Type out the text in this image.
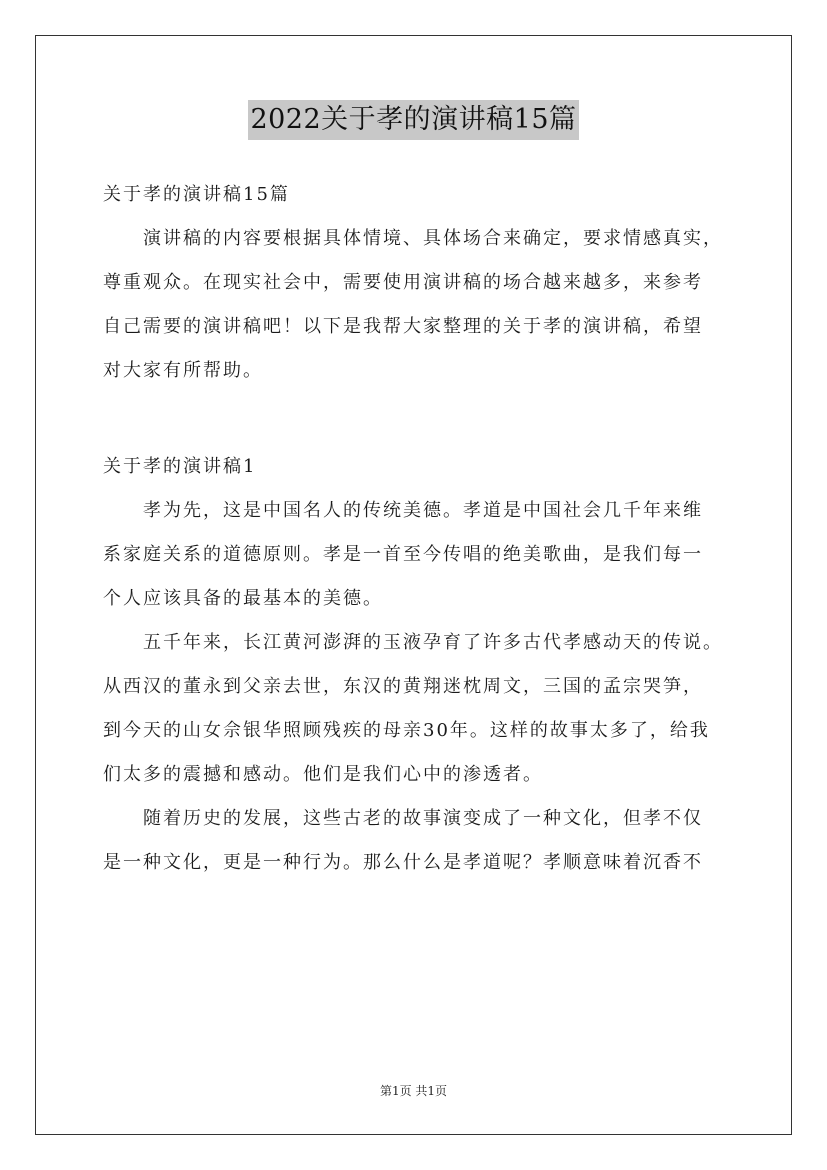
2022关于孝的演讲稿15篇
关于孝的演讲稿15篇
演讲稿的内容要根据具体情境、具体场合来确定，要求情感真实，
尊重观众。在现实社会中，需要使用演讲稿的场合越来越多，来参考
自己需要的演讲稿吧！以下是我帮大家整理的关于孝的演讲稿，希望
对大家有所帮助。
关于孝的演讲稿1
孝为先，这是中国名人的传统美德。孝道是中国社会几千年来维
系家庭关系的道德原则。孝是一首至今传唱的绝美歌曲，是我们每一
个人应该具备的最基本的美德。
五千年来，长江黄河澎湃的玉液孕育了许多古代孝感动天的传说。
从西汉的董永到父亲去世，东汉的黄翔迷枕周文，三国的孟宗哭笋，
到今天的山女佘银华照顾残疾的母亲30年。这样的故事太多了，给我
们太多的震撼和感动。他们是我们心中的渗透者。
随着历史的发展，这些古老的故事演变成了一种文化，但孝不仅
是一种文化，更是一种行为。那么什么是孝道呢？孝顺意味着沉香不
第1页 共1页
